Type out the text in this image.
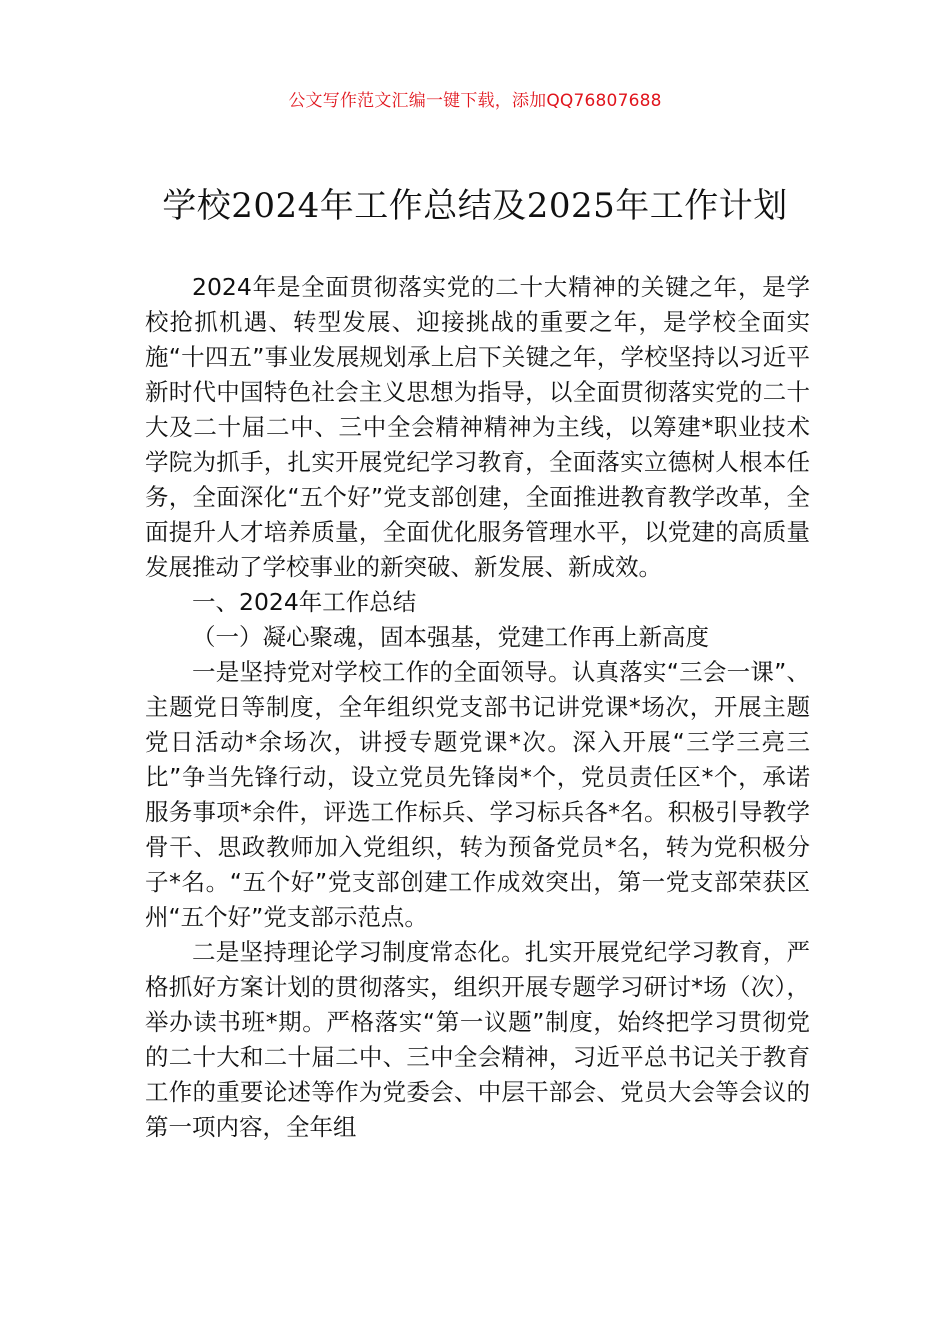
公文写作范文汇编一键下载，添加QQ76807688
学校2024年工作总结及2025年工作计划

2024年是全面贯彻落实党的二十大精神的关键之年，是学校抢抓机遇、转型发展、迎接挑战的重要之年，是学校全面实施“十四五”事业发展规划承上启下关键之年，学校坚持以习近平新时代中国特色社会主义思想为指导，以全面贯彻落实党的二十大及二十届二中、三中全会精神精神为主线，以筹建*职业技术学院为抓手，扎实开展党纪学习教育，全面落实立德树人根本任务，全面深化“五个好”党支部创建，全面推进教育教学改革，全面提升人才培养质量，全面优化服务管理水平，以党建的高质量发展推动了学校事业的新突破、新发展、新成效。

一、2024年工作总结

（一）凝心聚魂，固本强基，党建工作再上新高度

一是坚持党对学校工作的全面领导。认真落实“三会一课”、主题党日等制度，全年组织党支部书记讲党课*场次，开展主题党日活动*余场次，讲授专题党课*次。深入开展“三学三亮三比”争当先锋行动，设立党员先锋岗*个，党员责任区*个，承诺服务事项*余件，评选工作标兵、学习标兵各*名。积极引导教学骨干、思政教师加入党组织，转为预备党员*名，转为党积极分子*名。“五个好”党支部创建工作成效突出，第一党支部荣获区州“五个好”党支部示范点。

二是坚持理论学习制度常态化。扎实开展党纪学习教育，严格抓好方案计划的贯彻落实，组织开展专题学习研讨*场（次），举办读书班*期。严格落实“第一议题”制度，始终把学习贯彻党的二十大和二十届二中、三中全会精神，习近平总书记关于教育工作的重要论述等作为党委会、中层干部会、党员大会等会议的第一项内容，全年组
